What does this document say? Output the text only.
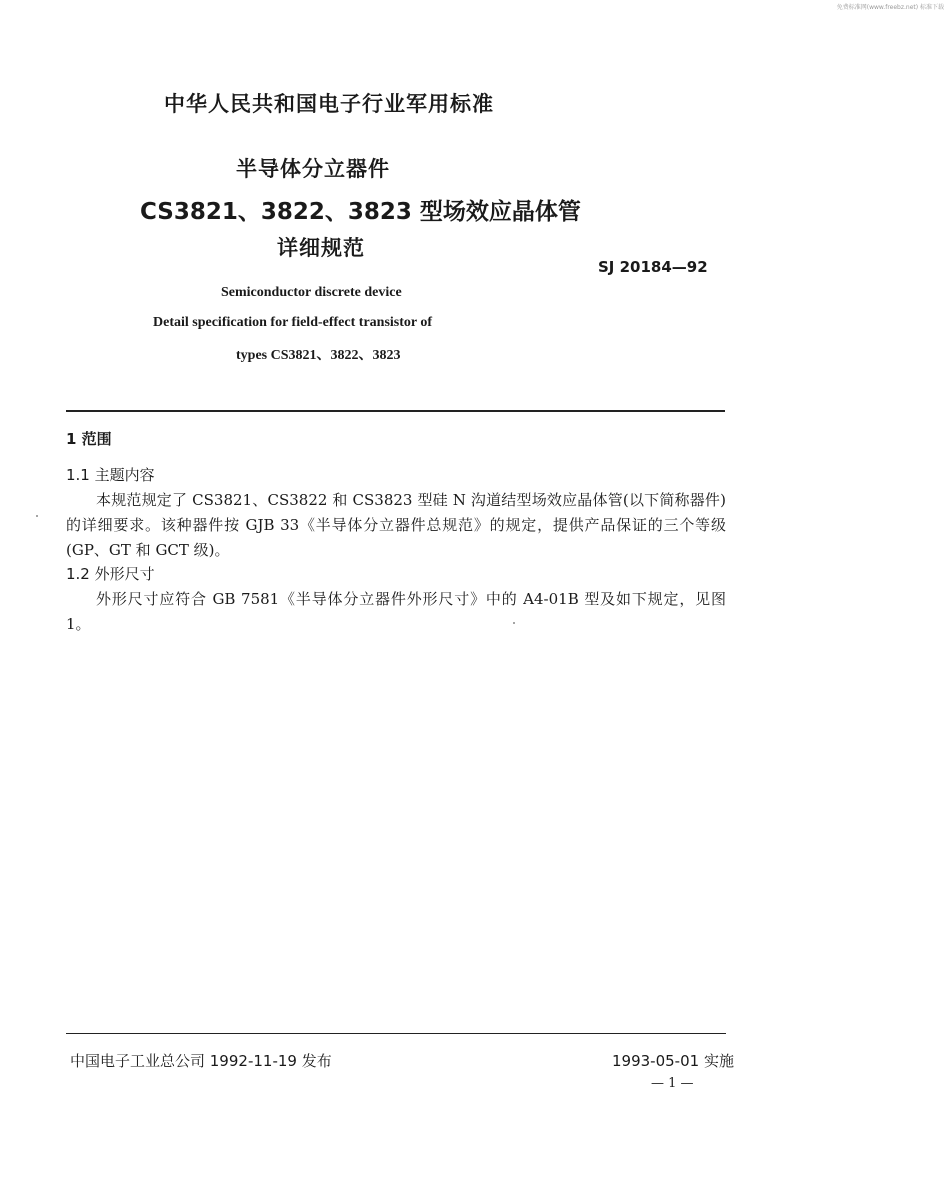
免费标准网(www.freebz.net) 标准下载
中华人民共和国电子行业军用标准
半导体分立器件
CS3821、3822、3823 型场效应晶体管
详细规范
SJ 20184—92
Semiconductor discrete device
Detail specification for field-effect transistor of
types CS3821、3822、3823
1 范围
1.1 主题内容
本规范规定了 CS3821、CS3822 和 CS3823 型硅 N 沟道结型场效应晶体管(以下简称器件)的详细要求。该种器件按 GJB 33《半导体分立器件总规范》的规定，提供产品保证的三个等级(GP、GT 和 GCT 级)。
1.2 外形尺寸
外形尺寸应符合 GB 7581《半导体分立器件外形尺寸》中的 A4-01B 型及如下规定，见图 1。
中国电子工业总公司 1992-11-19 发布	1993-05-01 实施
— 1 —
